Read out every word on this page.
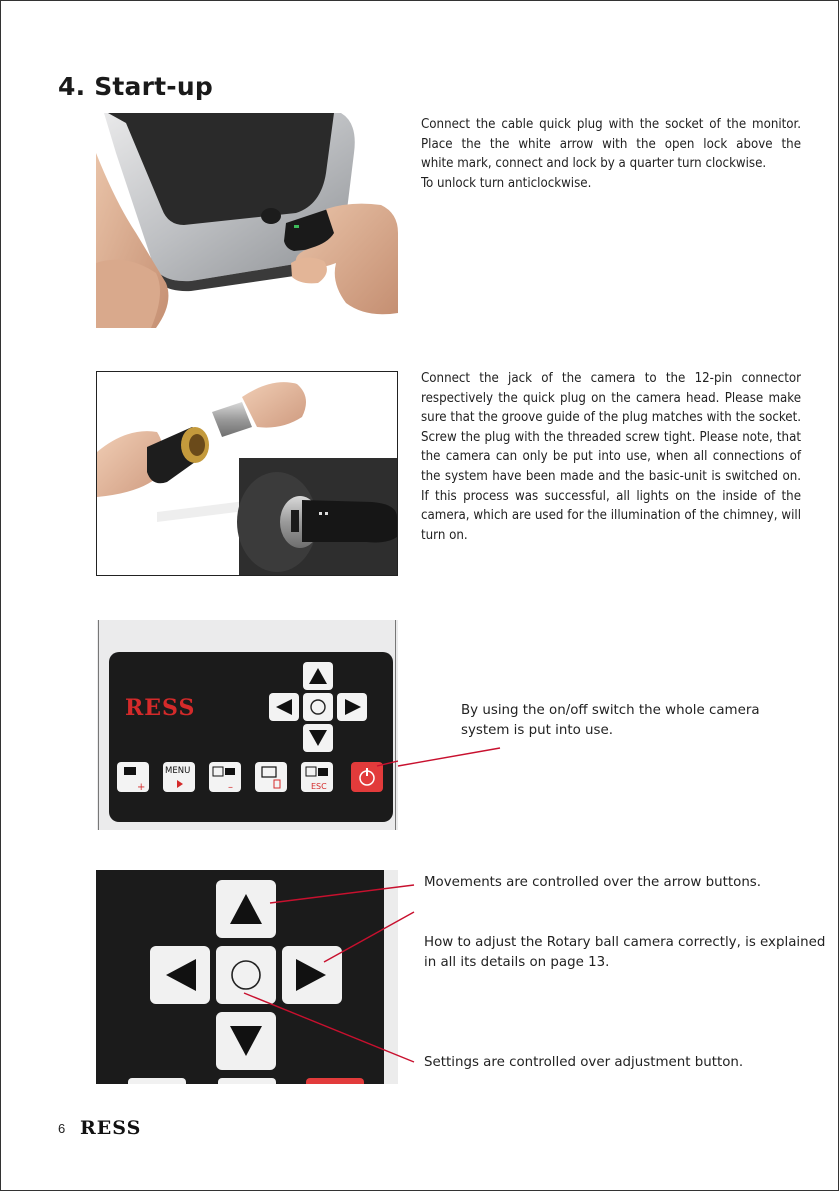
4. Start-up

Connect the cable quick plug with the socket of the monitor.

Place the the white arrow with the open lock above the

white mark, connect and lock by a quarter turn clockwise.

To unlock turn anticlockwise.

Connect the jack of the camera to the 12-pin connector respectively the quick plug on the camera head. Please make sure that the groove guide of the plug matches with the socket. Screw the plug with the threaded screw tight. Please note, that the camera can only be put into use, when all connections of the system have been made and the basic-unit is switched on. If this process was successful, all lights on the inside of the camera, which are used for the illumination of the chimney, will turn on.
RESS
+
MENU
–	ESC
By using the on/off switch the whole camera
system is put into use.
Movements are controlled over the arrow buttons.
How to adjust the Rotary ball camera correctly, is explained
in all its details on page 13.
Settings are controlled over adjustment button.
6 RESS
